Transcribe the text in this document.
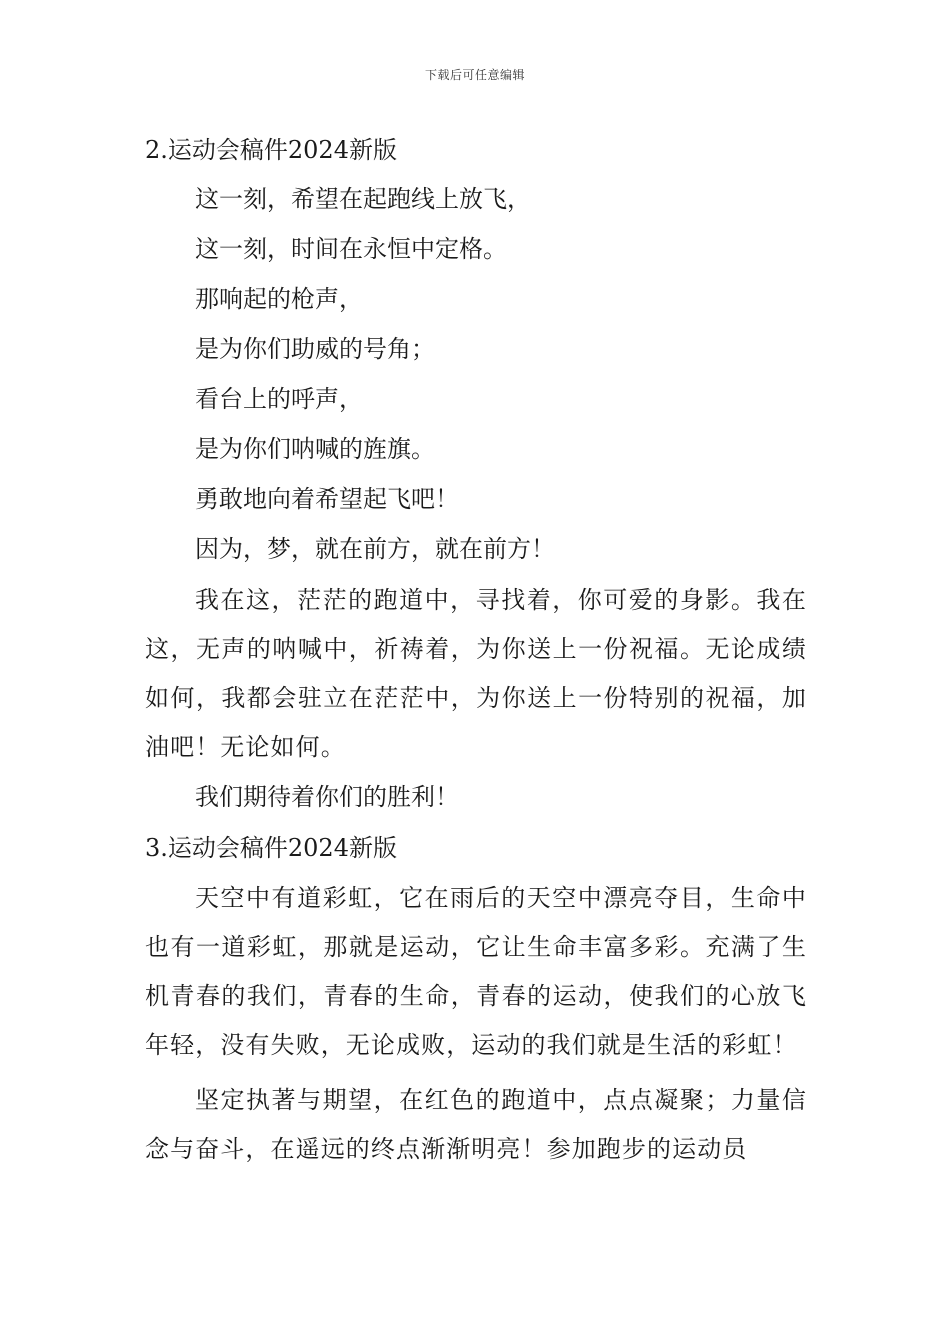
下载后可任意编辑
2.运动会稿件2024新版
这一刻，希望在起跑线上放飞，
这一刻，时间在永恒中定格。
那响起的枪声，
是为你们助威的号角；
看台上的呼声，
是为你们呐喊的旌旗。
勇敢地向着希望起飞吧！
因为，梦，就在前方，就在前方！

我在这，茫茫的跑道中，寻找着，你可爱的身影。我在这，无声的呐喊中，祈祷着，为你送上一份祝福。无论成绩如何，我都会驻立在茫茫中，为你送上一份特别的祝福，加油吧！无论如何。

我们期待着你们的胜利！
3.运动会稿件2024新版

天空中有道彩虹，它在雨后的天空中漂亮夺目，生命中也有一道彩虹，那就是运动，它让生命丰富多彩。充满了生机青春的我们，青春的生命，青春的运动，使我们的心放飞年轻，没有失败，无论成败，运动的我们就是生活的彩虹！

坚定执著与期望，在红色的跑道中，点点凝聚；力量信念与奋斗，在遥远的终点渐渐明亮！参加跑步的运动员
